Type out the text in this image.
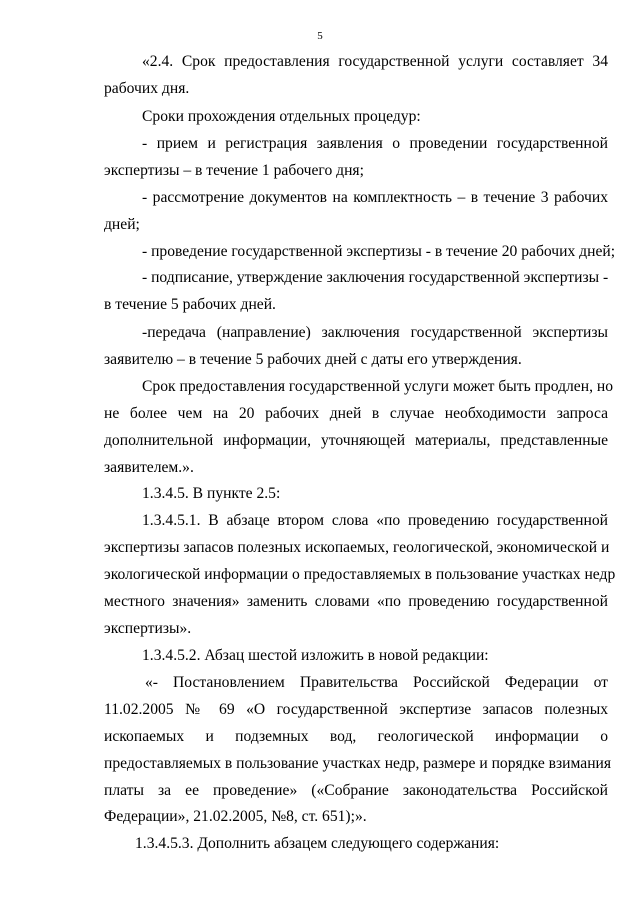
5
«2.4. Срок предоставления государственной услуги составляет 34
рабочих дня.
Сроки прохождения отдельных процедур:
- прием и регистрация заявления о проведении государственной
экспертизы – в течение 1 рабочего дня;
- рассмотрение документов на комплектность – в течение 3 рабочих
дней;
- проведение государственной экспертизы - в течение 20 рабочих дней;
- подписание, утверждение заключения государственной экспертизы -
в течение 5 рабочих дней.
-передача (направление) заключения государственной экспертизы
заявителю – в течение 5 рабочих дней с даты его утверждения.
Срок предоставления государственной услуги может быть продлен, но
не более чем на 20 рабочих дней в случае необходимости запроса
дополнительной информации, уточняющей материалы, представленные
заявителем.».
1.3.4.5. В пункте 2.5:
1.3.4.5.1. В абзаце втором слова «по проведению государственной
экспертизы запасов полезных ископаемых, геологической, экономической и
экологической информации о предоставляемых в пользование участках недр
местного значения» заменить словами «по проведению государственной
экспертизы».
1.3.4.5.2. Абзац шестой изложить в новой редакции:
«- Постановлением Правительства Российской Федерации от
11.02.2005 № 69 «О государственной экспертизе запасов полезных
ископаемых и подземных вод, геологической информации о
предоставляемых в пользование участках недр, размере и порядке взимания
платы за ее проведение» («Собрание законодательства Российской
Федерации», 21.02.2005, №8, ст. 651);».
1.3.4.5.3. Дополнить абзацем следующего содержания:
